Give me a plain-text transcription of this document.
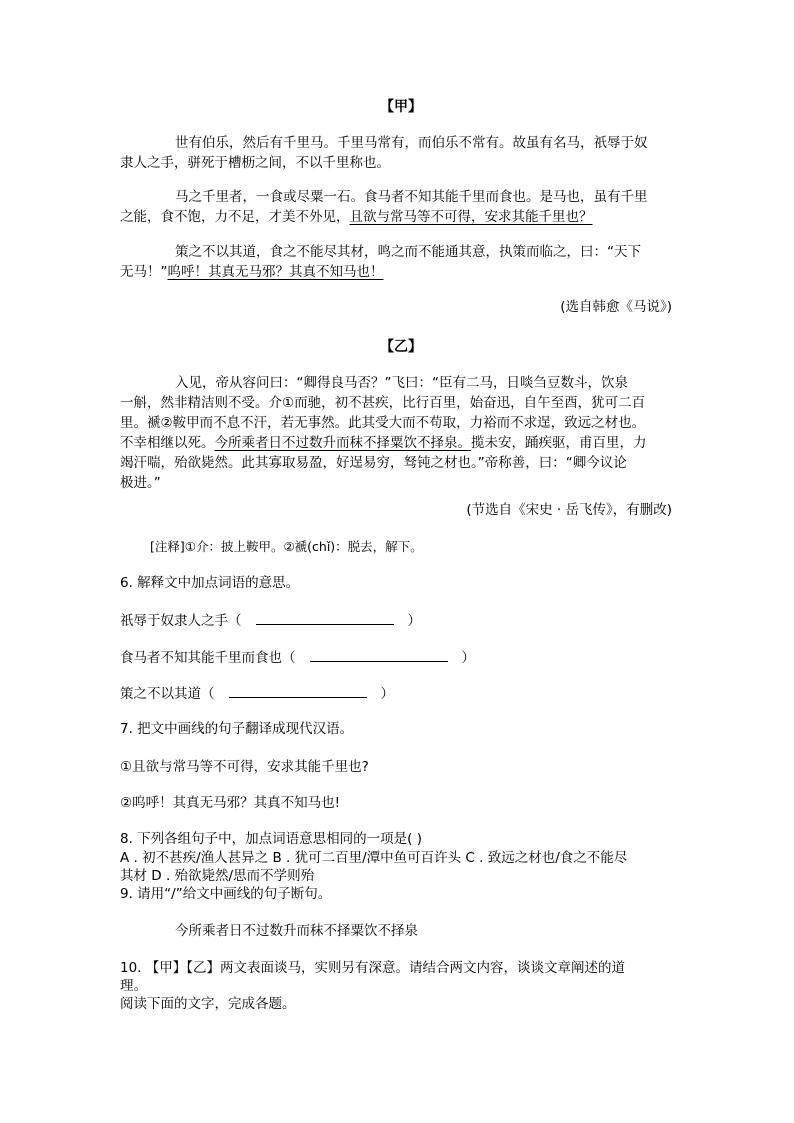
【甲】
世有伯乐，然后有千里马。千里马常有，而伯乐不常有。故虽有名马，祇辱于奴
隶人之手，骈死于槽枥之间，不以千里称也。
马之千里者，一食或尽粟一石。食马者不知其能千里而食也。是马也，虽有千里
之能，食不饱，力不足，才美不外见，且欲与常马等不可得，安求其能千里也？
策之不以其道，食之不能尽其材，鸣之而不能通其意，执策而临之，曰：“天下
无马！”呜呼！其真无马邪？其真不知马也！
(选自韩愈《马说》)
【乙】
入见，帝从容问曰：“卿得良马否？”飞曰：“臣有二马，日啖刍豆数斗，饮泉
一斛，然非精洁则不受。介①而驰，初不甚疾，比行百里，始奋迅，自午至酉，犹可二百
里。褫②鞍甲而不息不汗，若无事然。此其受大而不苟取，力裕而不求逞，致远之材也。
不幸相继以死。今所乘者日不过数升而秣不择粟饮不择泉。揽未安，踊疾驱，甫百里，力
竭汗喘，殆欲毙然。此其寡取易盈，好逞易穷，驽钝之材也。”帝称善，曰：“卿今议论
极进。”
(节选自《宋史 · 岳飞传》，有删改)
[注释]①介：披上鞍甲。②褫(chǐ)：脱去，解下。
6. 解释文中加点词语的意思。
祇辱于奴隶人之手（	）
食马者不知其能千里而食也（	）
策之不以其道（	）
7. 把文中画线的句子翻译成现代汉语。
①且欲与常马等不可得，安求其能千里也?
②呜呼！其真无马邪？其真不知马也!
8. 下列各组句子中，加点词语意思相同的一项是( )
A . 初不甚疾/渔人甚异之 B . 犹可二百里/潭中鱼可百许头 C . 致远之材也/食之不能尽
其材 D . 殆欲毙然/思而不学则殆
9. 请用“/”给文中画线的句子断句。
今所乘者日不过数升而秣不择粟饮不择泉
10. 【甲】【乙】两文表面谈马，实则另有深意。请结合两文内容，谈谈文章阐述的道
理。
阅读下面的文字，完成各题。
